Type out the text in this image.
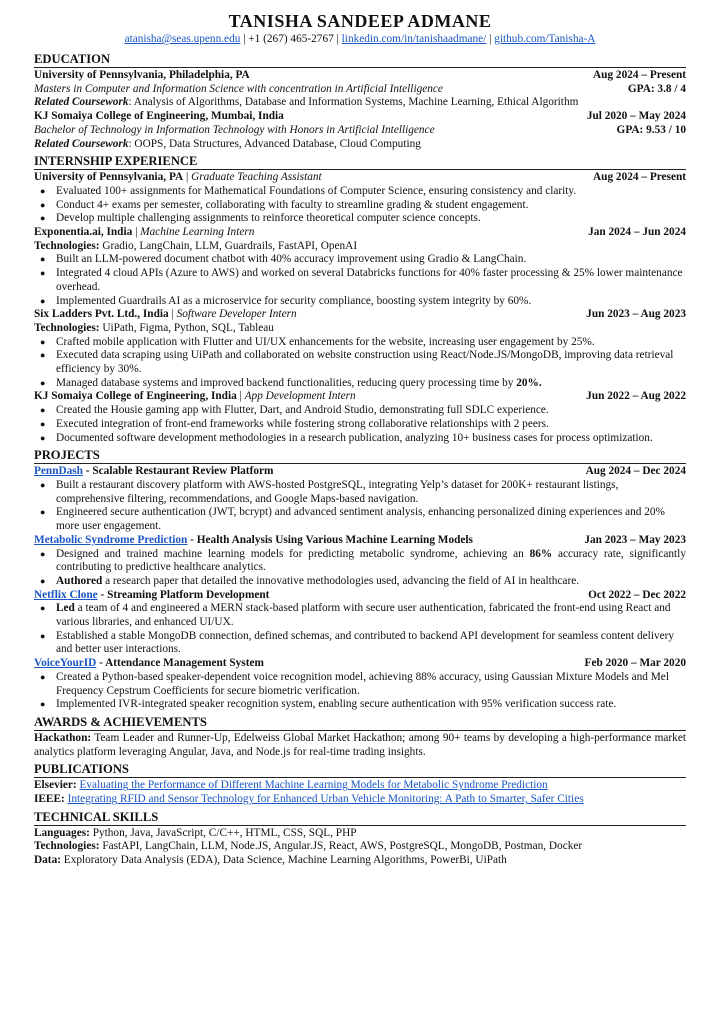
TANISHA SANDEEP ADMANE
atanisha@seas.upenn.edu | +1 (267) 465-2767 | linkedin.com/in/tanishaadmane/ | github.com/Tanisha-A
EDUCATION
University of Pennsylvania, Philadelphia, PA	Aug 2024 – Present
Masters in Computer and Information Science with concentration in Artificial Intelligence	GPA: 3.8 / 4
Related Coursework: Analysis of Algorithms, Database and Information Systems, Machine Learning, Ethical Algorithm
KJ Somaiya College of Engineering, Mumbai, India	Jul 2020 – May 2024
Bachelor of Technology in Information Technology with Honors in Artificial Intelligence	GPA: 9.53 / 10
Related Coursework: OOPS, Data Structures, Advanced Database, Cloud Computing
INTERNSHIP EXPERIENCE
University of Pennsylvania, PA | Graduate Teaching Assistant	Aug 2024 – Present
● Evaluated 100+ assignments for Mathematical Foundations of Computer Science, ensuring consistency and clarity.
● Conduct 4+ exams per semester, collaborating with faculty to streamline grading & student engagement.
● Develop multiple challenging assignments to reinforce theoretical computer science concepts.
Exponentia.ai, India | Machine Learning Intern	Jan 2024 – Jun 2024
Technologies: Gradio, LangChain, LLM, Guardrails, FastAPI, OpenAI
● Built an LLM-powered document chatbot with 40% accuracy improvement using Gradio & LangChain.
● Integrated 4 cloud APIs (Azure to AWS) and worked on several Databricks functions for 40% faster processing & 25% lower maintenance overhead.
● Implemented Guardrails AI as a microservice for security compliance, boosting system integrity by 60%.
Six Ladders Pvt. Ltd., India | Software Developer Intern	Jun 2023 – Aug 2023
Technologies: UiPath, Figma, Python, SQL, Tableau
● Crafted mobile application with Flutter and UI/UX enhancements for the website, increasing user engagement by 25%.
● Executed data scraping using UiPath and collaborated on website construction using React/Node.JS/MongoDB, improving data retrieval efficiency by 30%.
● Managed database systems and improved backend functionalities, reducing query processing time by 20%.
KJ Somaiya College of Engineering, India | App Development Intern	Jun 2022 – Aug 2022
● Created the Housie gaming app with Flutter, Dart, and Android Studio, demonstrating full SDLC experience.
● Executed integration of front-end frameworks while fostering strong collaborative relationships with 2 peers.
● Documented software development methodologies in a research publication, analyzing 10+ business cases for process optimization.
PROJECTS
PennDash - Scalable Restaurant Review Platform	Aug 2024 – Dec 2024
● Built a restaurant discovery platform with AWS-hosted PostgreSQL, integrating Yelp’s dataset for 200K+ restaurant listings, comprehensive filtering, recommendations, and Google Maps-based navigation.
● Engineered secure authentication (JWT, bcrypt) and advanced sentiment analysis, enhancing personalized dining experiences and 20% more user engagement.
Metabolic Syndrome Prediction - Health Analysis Using Various Machine Learning Models	Jan 2023 – May 2023
● Designed and trained machine learning models for predicting metabolic syndrome, achieving an 86% accuracy rate, significantly contributing to predictive healthcare analytics.
● Authored a research paper that detailed the innovative methodologies used, advancing the field of AI in healthcare.
Netflix Clone - Streaming Platform Development	Oct 2022 – Dec 2022
● Led a team of 4 and engineered a MERN stack-based platform with secure user authentication, fabricated the front-end using React and various libraries, and enhanced UI/UX.
● Established a stable MongoDB connection, defined schemas, and contributed to backend API development for seamless content delivery and better user interactions.
VoiceYourID - Attendance Management System	Feb 2020 – Mar 2020
● Created a Python-based speaker-dependent voice recognition model, achieving 88% accuracy, using Gaussian Mixture Models and Mel Frequency Cepstrum Coefficients for secure biometric verification.
● Implemented IVR-integrated speaker recognition system, enabling secure authentication with 95% verification success rate.
AWARDS & ACHIEVEMENTS
Hackathon: Team Leader and Runner-Up, Edelweiss Global Market Hackathon; among 90+ teams by developing a high-performance market analytics platform leveraging Angular, Java, and Node.js for real-time trading insights.
PUBLICATIONS
Elsevier: Evaluating the Performance of Different Machine Learning Models for Metabolic Syndrome Prediction
IEEE: Integrating RFID and Sensor Technology for Enhanced Urban Vehicle Monitoring: A Path to Smarter, Safer Cities
TECHNICAL SKILLS
Languages: Python, Java, JavaScript, C/C++, HTML, CSS, SQL, PHP
Technologies: FastAPI, LangChain, LLM, Node.JS, Angular.JS, React, AWS, PostgreSQL, MongoDB, Postman, Docker
Data: Exploratory Data Analysis (EDA), Data Science, Machine Learning Algorithms, PowerBi, UiPath
